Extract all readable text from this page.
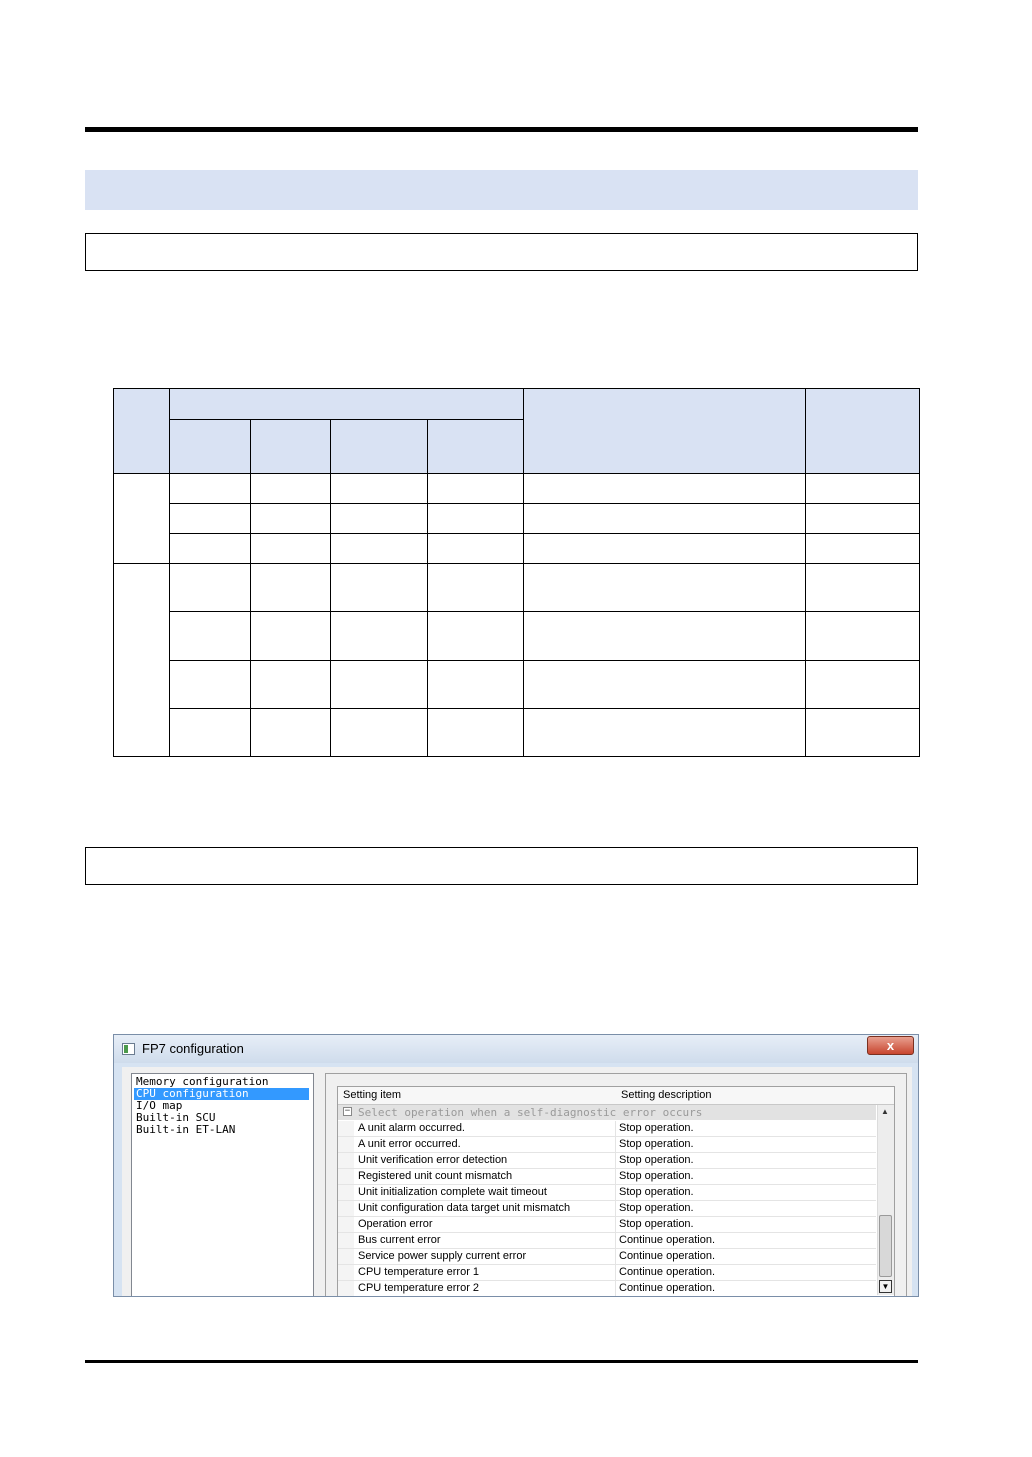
FP7 configuration	x
Memory configuration
CPU configuration
I/O map
Built-in SCU
Built-in ET-LAN
Setting item	Setting description
− Select operation when a self-diagnostic error occurs
A unit alarm occurred.	Stop operation.
A unit error occurred.	Stop operation.
Unit verification error detection	Stop operation.
Registered unit count mismatch	Stop operation.
Unit initialization complete wait timeout	Stop operation.
Unit configuration data target unit mismatch	Stop operation.
Operation error	Stop operation.
Bus current error	Continue operation.
Service power supply current error	Continue operation.
CPU temperature error 1	Continue operation.
CPU temperature error 2	Continue operation.
▲
▼
